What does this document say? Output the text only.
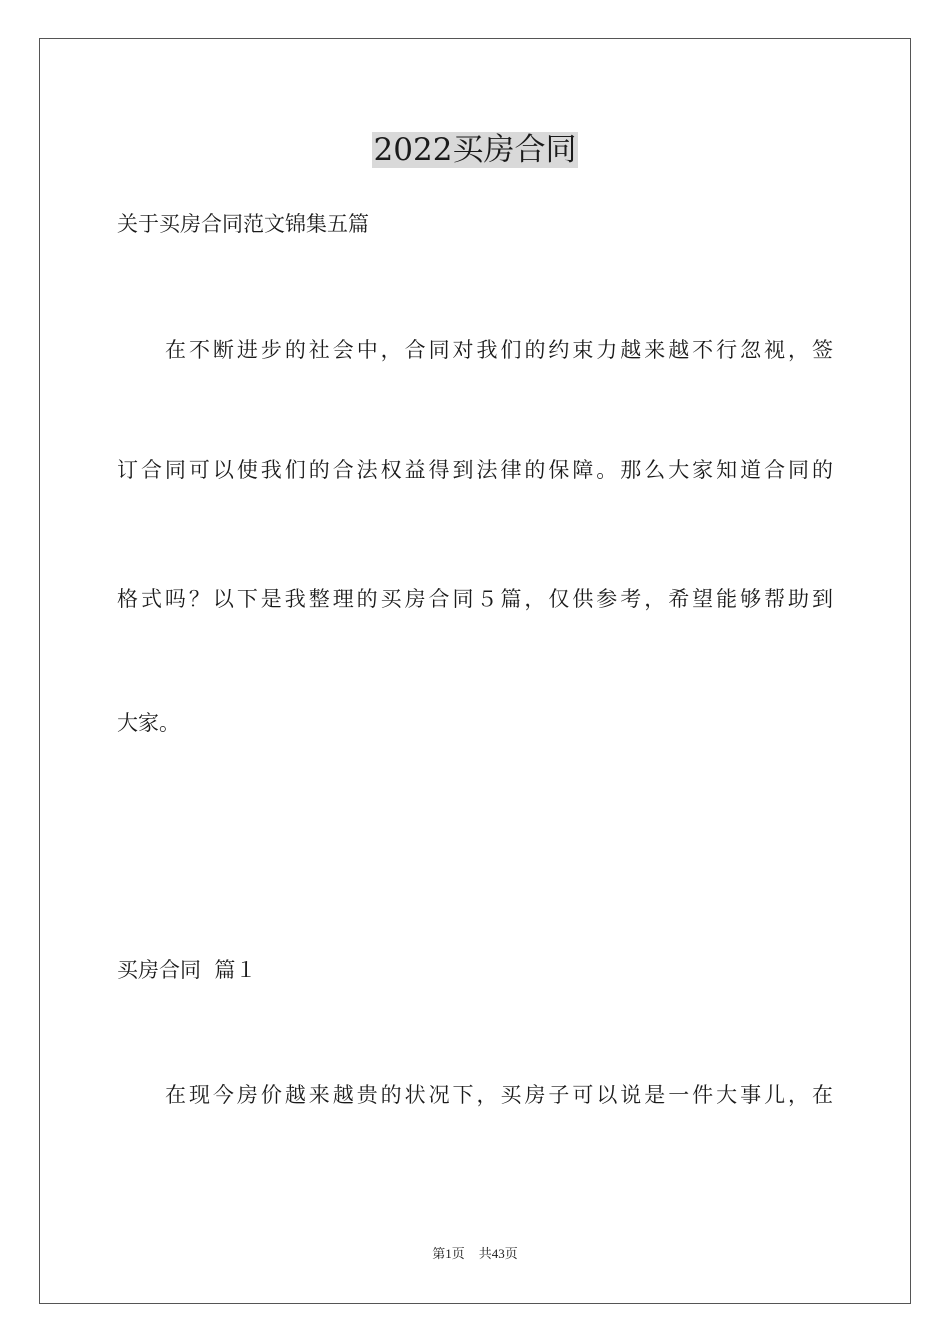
2022买房合同

关于买房合同范文锦集五篇

在不断进步的社会中，合同对我们的约束力越来越不行忽视，签

订合同可以使我们的合法权益得到法律的保障。那么大家知道合同的

格式吗？以下是我整理的买房合同５篇，仅供参考，希望能够帮助到

大家。

买房合同  篇１

在现今房价越来越贵的状况下，买房子可以说是一件大事儿，在

第1页 共43页
